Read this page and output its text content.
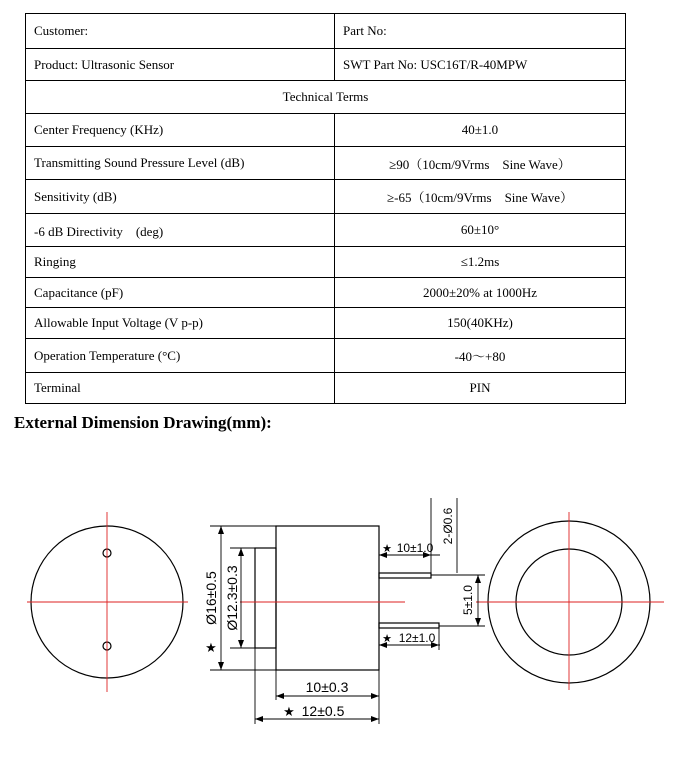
Customer:	Part No:
Product: Ultrasonic Sensor	SWT Part No: USC16T/R-40MPW
Technical Terms	
Center Frequency (KHz)	40±1.0
Transmitting Sound Pressure Level (dB)	≥90（10cm/9Vrms　Sine Wave）
Sensitivity (dB)	≥-65（10cm/9Vrms　Sine Wave）
-6 dB Directivity　(deg)	60±10°
Ringing	≤1.2ms
Capacitance (pF)	2000±20% at 1000Hz
Allowable Input Voltage (V p-p)	150(40KHz)
Operation Temperature (°C)	-40～+80
Terminal	PIN
External Dimension Drawing(mm):
Ø16±0.5
★
Ø12.3±0.3
10±0.3
★ 12±0.5
★ 10±1.0
★ 12±1.0
2-Ø0.6
5±1.0
